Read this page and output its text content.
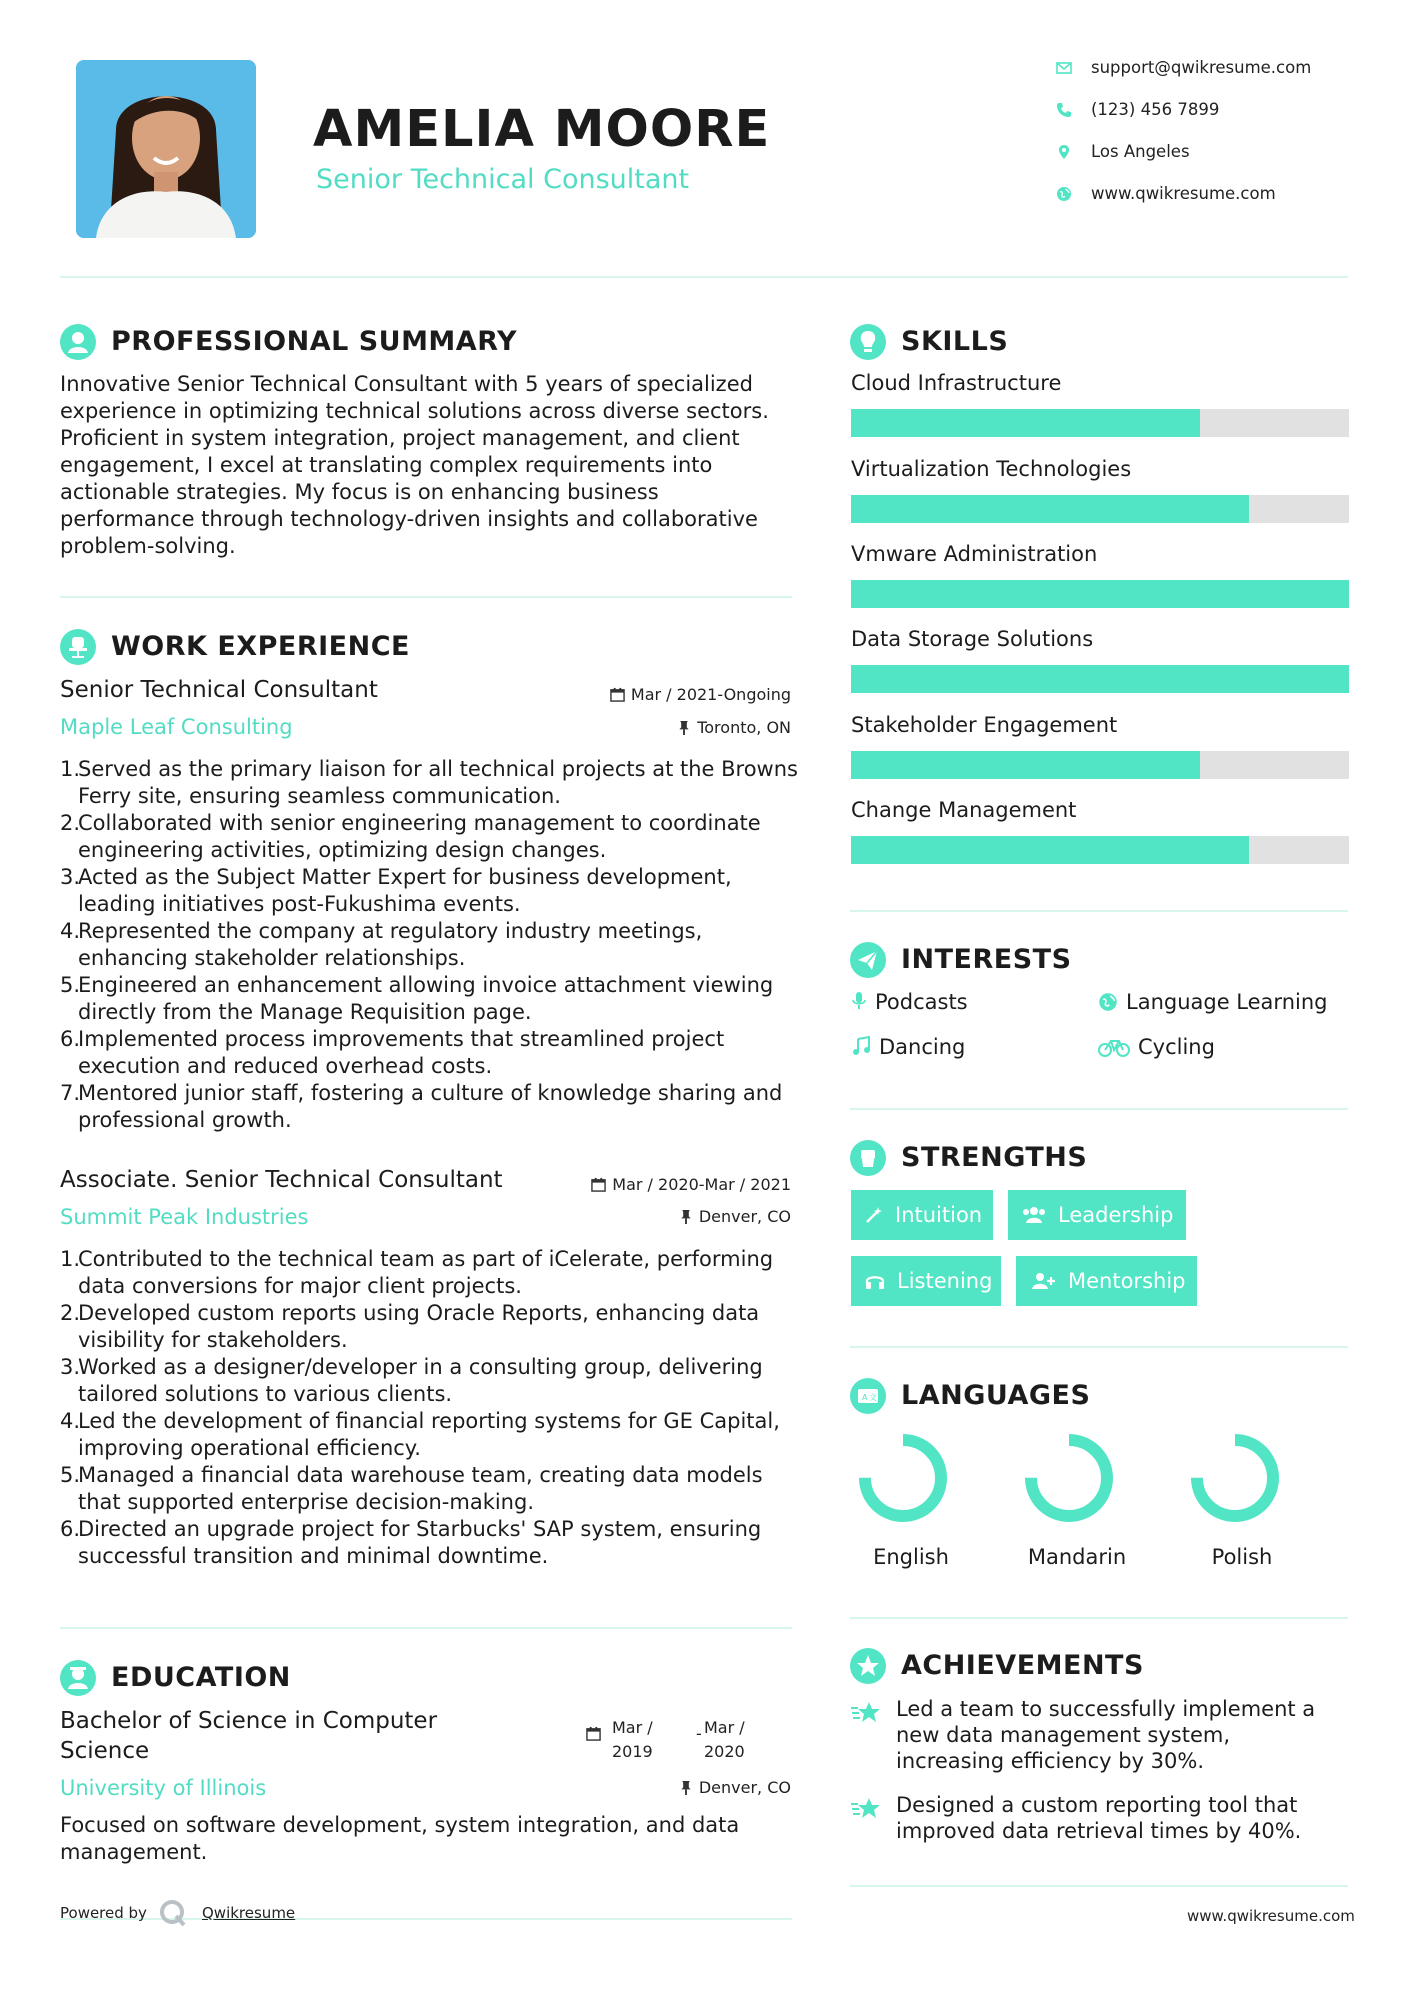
AMELIA MOORE
Senior Technical Consultant
support@qwikresume.com
(123) 456 7899
Los Angeles
www.qwikresume.com
PROFESSIONAL SUMMARY
Innovative Senior Technical Consultant with 5 years of specialized
experience in optimizing technical solutions across diverse sectors.
Proficient in system integration, project management, and client
engagement, I excel at translating complex requirements into
actionable strategies. My focus is on enhancing business
performance through technology-driven insights and collaborative
problem-solving.
WORK EXPERIENCE
Senior Technical Consultant	Mar / 2021-Ongoing
Maple Leaf Consulting	Toronto, ON
1.
Served as the primary liaison for all technical projects at the Browns
Ferry site, ensuring seamless communication.
2.
Collaborated with senior engineering management to coordinate
engineering activities, optimizing design changes.
3.
Acted as the Subject Matter Expert for business development,
leading initiatives post-Fukushima events.
4.
Represented the company at regulatory industry meetings,
enhancing stakeholder relationships.
5.
Engineered an enhancement allowing invoice attachment viewing
directly from the Manage Requisition page.
6.
Implemented process improvements that streamlined project
execution and reduced overhead costs.
7.
Mentored junior staff, fostering a culture of knowledge sharing and
professional growth.
Associate. Senior Technical Consultant	Mar / 2020-Mar / 2021
Summit Peak Industries	Denver, CO
1.
Contributed to the technical team as part of iCelerate, performing
data conversions for major client projects.
2.
Developed custom reports using Oracle Reports, enhancing data
visibility for stakeholders.
3.
Worked as a designer/developer in a consulting group, delivering
tailored solutions to various clients.
4.
Led the development of financial reporting systems for GE Capital,
improving operational efficiency.
5.
Managed a financial data warehouse team, creating data models
that supported enterprise decision-making.
6.
Directed an upgrade project for Starbucks' SAP system, ensuring
successful transition and minimal downtime.
EDUCATION
Bachelor of Science in Computer
Science
Mar /
2019
- Mar /
2020
University of Illinois	Denver, CO
Focused on software development, system integration, and data
management.
SKILLS
Cloud Infrastructure
Virtualization Technologies
Vmware Administration
Data Storage Solutions
Stakeholder Engagement
Change Management
INTERESTS
Podcasts	Language Learning
Dancing	Cycling
STRENGTHS
Intuition	Leadership
Listening	Mentorship
A 文 LANGUAGES
English	Mandarin	Polish
ACHIEVEMENTS
Led a team to successfully implement a
new data management system,
increasing efficiency by 30%.
Designed a custom reporting tool that
improved data retrieval times by 40%.
Powered by	Qwikresume	www.qwikresume.com
